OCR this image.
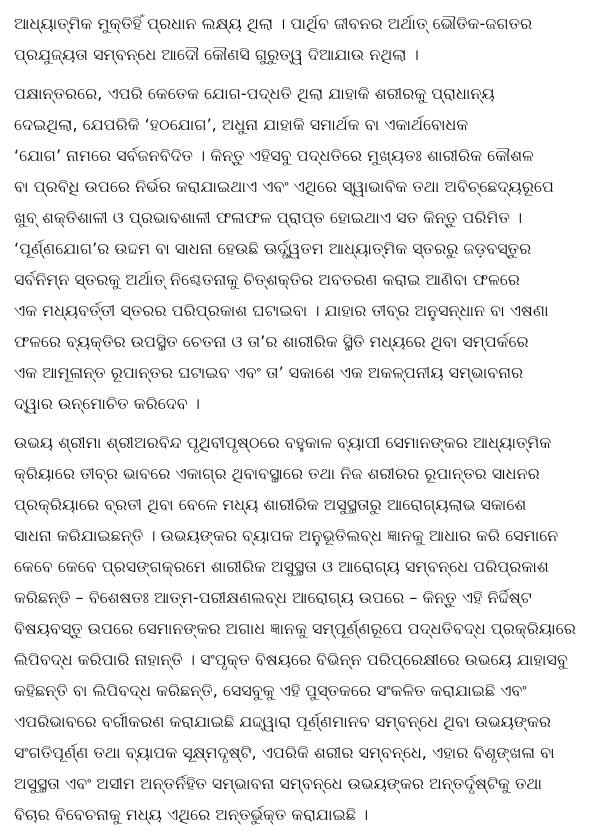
ଆଧ୍ୟାତ୍ମିକ ମୁକ୍ତିହିଁ ପ୍ରଧାନ ଲକ୍ଷ୍ୟ ଥିଲା । ପାର୍ଥିବ ଜୀବନର ଅର୍ଥାତ୍ ଭୌତିକ-ଜଗତର
ପ୍ରଯୁଜ୍ୟତା ସମ୍ବନ୍ଧେ ଆଦୌ କୌଣସି ଗୁରୁତ୍ୱ ଦିଆଯାଉ ନଥିଲା ।
ପକ୍ଷାନ୍ତରରେ, ଏପରି କେତେକ ଯୋଗ-ପଦ୍ଧତି ଥିଲା ଯାହାକି ଶରୀରକୁ ପ୍ରାଧାନ୍ୟ
ଦେଇଥିଲା, ଯେପରିକି ‘ହଠଯୋଗ’, ଅଧୁନା ଯାହାକି ସମାର୍ଥକ ବା ଏକାର୍ଥବୋଧକ
‘ଯୋଗ’ ନାମରେ ସର୍ବଜନବିଦିତ । କିନ୍ତୁ ଏହିସବୁ ପଦ୍ଧତିରେ ମୁଖ୍ୟତଃ ଶାରୀରିକ କୌଶଳ
ବା ପ୍ରବିଧି ଉପରେ ନିର୍ଭର କରାଯାଇଥାଏ ଏବଂ ଏଥିରେ ସ୍ୱାଭାବିକ ତଥା ଅବିଚ୍ଛେଦ୍ୟରୂପେ
ଖୁବ୍ ଶକ୍ତିଶାଳୀ ଓ ପ୍ରଭାବଶାଳୀ ଫଳାଫଳ ପ୍ରାପ୍ତ ହୋଇଥାଏ ସତ କିନ୍ତୁ ପରିମିତ ।
‘ପୂର୍ଣ୍ଣଯୋଗ’ର ଉଦ୍ଦମ ବା ସାଧନା ହେଉଛି ଊର୍ଦ୍ଧ୍ୱତମ ଆଧ୍ୟାତ୍ମିକ ସ୍ତରରୁ ଜଡ଼ବସ୍ତୁର
ସର୍ବନିମ୍ନ ସ୍ତରକୁ ଅର୍ଥାତ୍ ନିଶ୍ଚେତନାକୁ ଚିତ୍‌ଶକ୍ତିର ଅବତରଣ କରାଇ ଆଣିବା ଫଳରେ
ଏକ ମଧ୍ୟବର୍ତ୍ତୀ ସ୍ତରର ପରିପ୍ରକାଶ ଘଟାଇବା । ଯାହାର ତୀବ୍ର ଅନୁସନ୍ଧାନ ବା ଏଷଣା
ଫଳରେ ବ୍ୟକ୍ତିର ଉପସ୍ଥିତ ଚେତନା ଓ ତା’ର ଶାରୀରିକ ସ୍ଥିତି ମଧ୍ୟରେ ଥିବା ସମ୍ପର୍କରେ
ଏକ ଆମୂଳାନ୍ତ ରୂପାନ୍ତର ଘଟାଇବ ଏବଂ ତା’ ସକାଶେ ଏକ ଅକଳ୍ପନୀୟ ସମ୍ଭାବନାର
ଦ୍ୱାର ଉନ୍ମୋଚିତ କରିଦେବ ।
ଉଭୟ ଶ୍ରୀମା ଶ୍ରୀଅରବିନ୍ଦ ପୃଥିବୀପୃଷ୍ଠରେ ବହୁକାଳ ବ୍ୟାପୀ ସେମାନଙ୍କର ଆଧ୍ୟାତ୍ମିକ
କ୍ରିୟାରେ ତୀବ୍ର ଭାବରେ ଏକାଗ୍ର ଥିବାବସ୍ଥାରେ ତଥା ନିଜ ଶରୀରର ରୂପାନ୍ତର ସାଧନର
ପ୍ରକ୍ରିୟାରେ ବ୍ରତୀ ଥିବା ବେଳେ ମଧ୍ୟ ଶାରୀରିକ ଅସୁସ୍ଥତାରୁ ଆରୋଗ୍ୟଲାଭ ସକାଶେ
ସାଧନା କରିଯାଇଛନ୍ତି । ଉଭୟଙ୍କର ବ୍ୟାପକ ଅନୁଭୂତିଲବ୍ଧ ଜ୍ଞାନକୁ ଆଧାର କରି ସେମାନେ
କେବେ କେବେ ପ୍ରସଙ୍ଗକ୍ରମେ ଶାରୀରିକ ଅସୁସ୍ଥତା ଓ ଆରୋଗ୍ୟ ସମ୍ବନ୍ଧେ ପରିପ୍ରକାଶ
କରିଛନ୍ତି – ବିଶେଷତଃ ଆତ୍ମ-ପରୀକ୍ଷଣଲବ୍ଧ ଆରୋଗ୍ୟ ଉପରେ – କିନ୍ତୁ ଏହି ନିର୍ଦ୍ଦିଷ୍ଟ
ବିଷୟବସ୍ତୁ ଉପରେ ସେମାନଙ୍କର ଅଗାଧ ଜ୍ଞାନକୁ ସମ୍ପୂର୍ଣ୍ଣରୂପେ ପଦ୍ଧତିବଦ୍ଧ ପ୍ରକ୍ରିୟାରେ
ଲିପିବଦ୍ଧ କରିପାରି ନାହାନ୍ତି । ସଂପୃକ୍ତ ବିଷୟରେ ବିଭିନ୍ନ ପରିପ୍ରେକ୍ଷୀରେ ଉଭୟେ ଯାହାସବୁ
କହିଛନ୍ତି ବା ଲିପିବଦ୍ଧ କରିଛନ୍ତି, ସେସବୁକୁ ଏହି ପୁସ୍ତକରେ ସଂକଳିତ କରାଯାଇଛି ଏବଂ
ଏପରିଭାବରେ ବର୍ଗୀକରଣ କରାଯାଇଛି ଯଦ୍ଦ୍ୱାରା ପୂର୍ଣ୍ଣମାନବ ସମ୍ବନ୍ଧେ ଥିବା ଉଭୟଙ୍କର
ସଂଗତିପୂର୍ଣ୍ଣ ତଥା ବ୍ୟାପକ ସୂକ୍ଷ୍ମଦୃଷ୍ଟି, ଏପରିକି ଶରୀର ସମ୍ବନ୍ଧେ, ଏହାର ବିଶୃଙ୍ଖଳା ବା
ଅସୁସ୍ଥତା ଏବଂ ଅସୀମ ଅନ୍ତର୍ନିହିତ ସମ୍ଭାବନା ସମ୍ବନ୍ଧେ ଉଭୟଙ୍କର ଅନ୍ତର୍ଦୃଷ୍ଟିକୁ ତଥା
ବିଚାର ବିବେଚନାକୁ ମଧ୍ୟ ଏଥିରେ ଅନ୍ତର୍ଭୁକ୍ତ କରାଯାଇଛି ।
